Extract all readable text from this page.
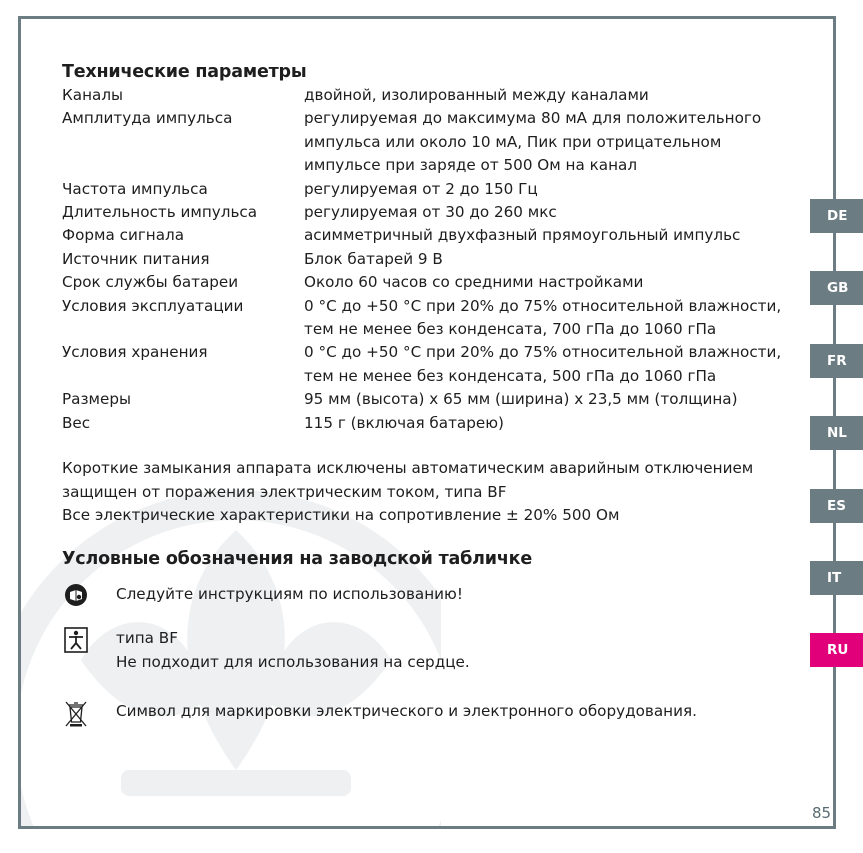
Технические параметры
Каналы	двойной, изолированный между каналами
Амплитуда импульса	регулируемая до максимума 80 мА для положительного
импульса или около 10 мА, Пик при отрицательном
импульсе при заряде от 500 Ом на канал
Частота импульса	регулируемая от 2 до 150 Гц
Длительность импульса	регулируемая от 30 до 260 мкс
Форма сигнала	асимметричный двухфазный прямоугольный импульс
Источник питания	Блок батарей 9 В
Срок службы батареи	Около 60 часов со средними настройками
Условия эксплуатации	0 °C до +50 °C при 20% до 75% относительной влажности,
тем не менее без конденсата, 700 гПа до 1060 гПа
Условия хранения	0 °C до +50 °C при 20% до 75% относительной влажности,
тем не менее без конденсата, 500 гПа до 1060 гПа
Размеры	95 мм (высота) х 65 мм (ширина) х 23,5 мм (толщина)
Вес	115 г (включая батарею)
Короткие замыкания аппарата исключены автоматическим аварийным отключением
защищен от поражения электрическим током, типа BF
Все электрические характеристики на сопротивление ± 20% 500 Ом
Условные обозначения на заводской табличке
Следуйте инструкциям по использованию!
типа BF
Не подходит для использования на сердце.
Символ для маркировки электрического и электронного оборудования.
DE
GB
FR
NL
ES
IT
RU
85
